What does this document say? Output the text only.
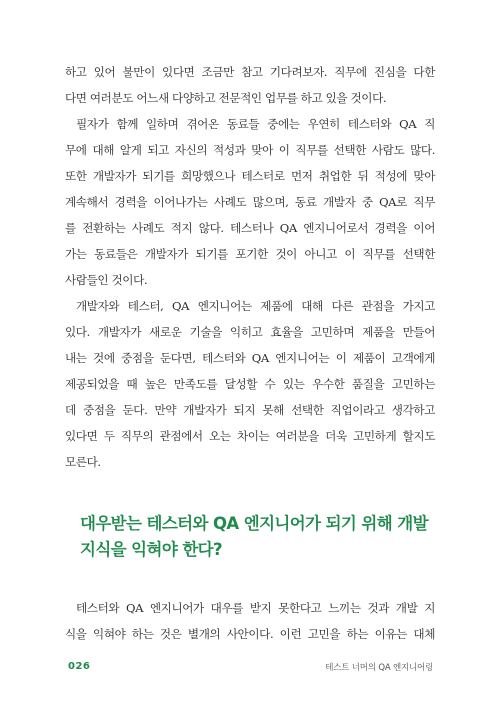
하고 있어 불만이 있다면 조금만 참고 기다려보자. 직무에 진심을 다한
다면 여러분도 어느새 다양하고 전문적인 업무를 하고 있을 것이다.
필자가 함께 일하며 겪어온 동료들 중에는 우연히 테스터와 QA 직
무에 대해 알게 되고 자신의 적성과 맞아 이 직무를 선택한 사람도 많다.
또한 개발자가 되기를 희망했으나 테스터로 먼저 취업한 뒤 적성에 맞아
계속해서 경력을 이어나가는 사례도 많으며, 동료 개발자 중 QA로 직무
를 전환하는 사례도 적지 않다. 테스터나 QA 엔지니어로서 경력을 이어
가는 동료들은 개발자가 되기를 포기한 것이 아니고 이 직무를 선택한
사람들인 것이다.
개발자와 테스터, QA 엔지니어는 제품에 대해 다른 관점을 가지고
있다. 개발자가 새로운 기술을 익히고 효율을 고민하며 제품을 만들어
내는 것에 중점을 둔다면, 테스터와 QA 엔지니어는 이 제품이 고객에게
제공되었을 때 높은 만족도를 달성할 수 있는 우수한 품질을 고민하는
데 중점을 둔다. 만약 개발자가 되지 못해 선택한 직업이라고 생각하고
있다면 두 직무의 관점에서 오는 차이는 여러분을 더욱 고민하게 할지도
모른다.
대우받는 테스터와 QA 엔지니어가 되기 위해 개발
지식을 익혀야 한다?
테스터와 QA 엔지니어가 대우를 받지 못한다고 느끼는 것과 개발 지
식을 익혀야 하는 것은 별개의 사안이다. 이런 고민을 하는 이유는 대체
026	테스트 너머의 QA 엔지니어링
